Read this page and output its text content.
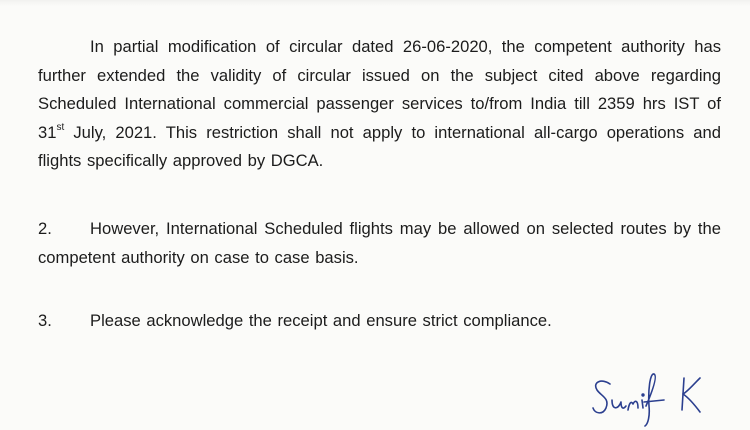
In partial modification of circular dated 26-06-2020, the competent authority has further extended the validity of circular issued on the subject cited above regarding Scheduled International commercial passenger services to/from India till 2359 hrs IST of 31st July, 2021. This restriction shall not apply to international all-cargo operations and flights specifically approved by DGCA.

2. However, International Scheduled flights may be allowed on selected routes by the competent authority on case to case basis.

3. Please acknowledge the receipt and ensure strict compliance.
